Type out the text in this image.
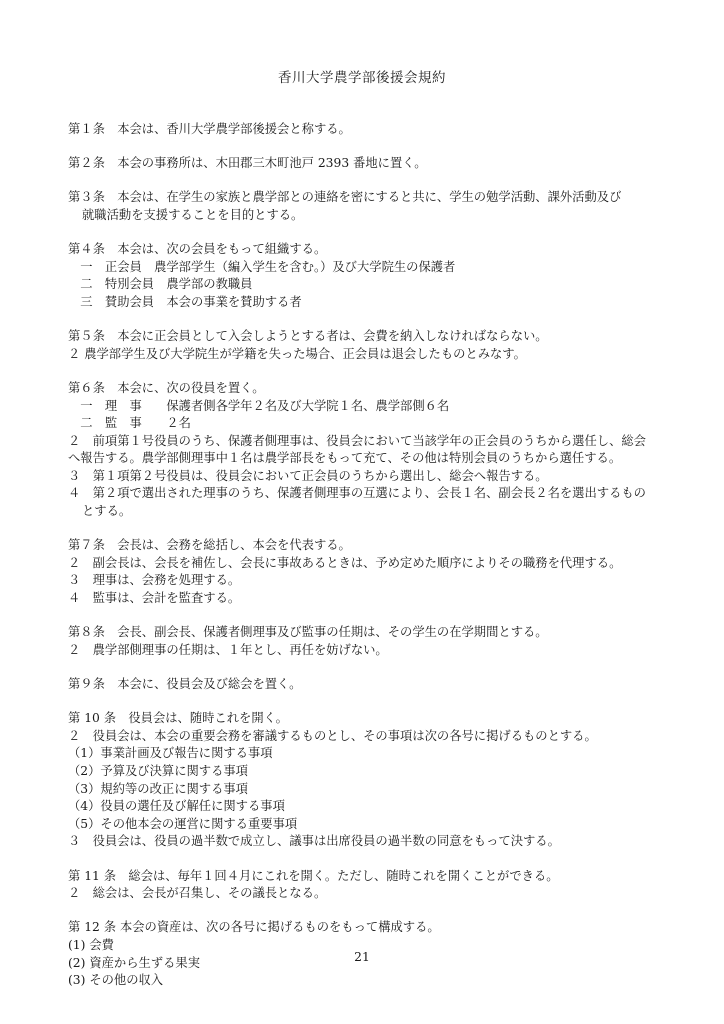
香川大学農学部後援会規約
第１条　本会は、香川大学農学部後援会と称する。
第２条　本会の事務所は、木田郡三木町池戸 2393 番地に置く。
第３条　本会は、在学生の家族と農学部との連絡を密にすると共に、学生の勉学活動、課外活動及び
就職活動を支援することを目的とする。
第４条　本会は、次の会員をもって組織する。
　一　正会員　農学部学生（編入学生を含む。）及び大学院生の保護者
　二　特別会員　農学部の教職員
　三　賛助会員　本会の事業を賛助する者
第５条　本会に正会員として入会しようとする者は、会費を納入しなければならない。
２ 農学部学生及び大学院生が学籍を失った場合、正会員は退会したものとみなす。
第６条　本会に、次の役員を置く。
　一　理　事　　保護者側各学年２名及び大学院１名、農学部側６名
　二　監　事　　２名
２　前項第１号役員のうち、保護者側理事は、役員会において当該学年の正会員のうちから選任し、総会
へ報告する。農学部側理事中１名は農学部長をもって充て、その他は特別会員のうちから選任する。
３　第１項第２号役員は、役員会において正会員のうちから選出し、総会へ報告する。
４　第２項で選出された理事のうち、保護者側理事の互選により、会長１名、副会長２名を選出するもの
とする。
第７条　会長は、会務を総括し、本会を代表する。
２　副会長は、会長を補佐し、会長に事故あるときは、予め定めた順序によりその職務を代理する。
３　理事は、会務を処理する。
４　監事は、会計を監査する。
第８条　会長、副会長、保護者側理事及び監事の任期は、その学生の在学期間とする。
２　農学部側理事の任期は、１年とし、再任を妨げない。
第９条　本会に、役員会及び総会を置く。
第 10 条　役員会は、随時これを開く。
２　役員会は、本会の重要会務を審議するものとし、その事項は次の各号に掲げるものとする。
（1）事業計画及び報告に関する事項
（2）予算及び決算に関する事項
（3）規約等の改正に関する事項
（4）役員の選任及び解任に関する事項
（5）その他本会の運営に関する重要事項
３　役員会は、役員の過半数で成立し、議事は出席役員の過半数の同意をもって決する。
第 11 条　総会は、毎年１回４月にこれを開く。ただし、随時これを開くことができる。
２　総会は、会長が召集し、その議長となる。
第 12 条 本会の資産は、次の各号に掲げるものをもって構成する。
(1) 会費
(2) 資産から生ずる果実
(3) その他の収入
21
